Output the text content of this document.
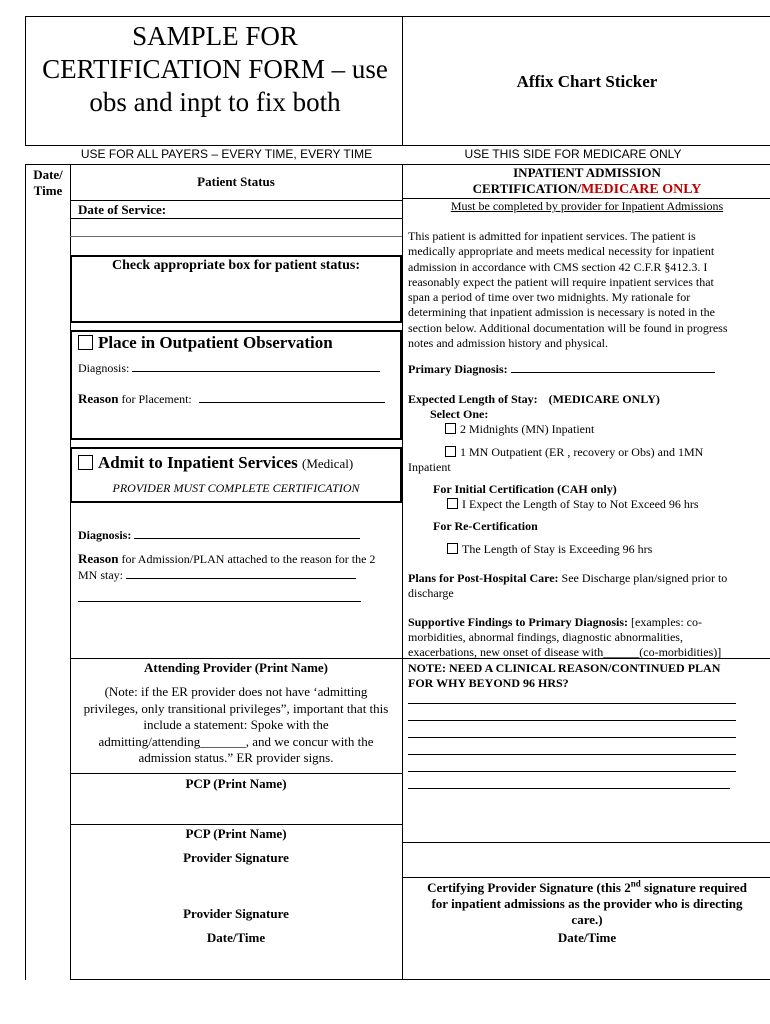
SAMPLE FOR CERTIFICATION FORM – use obs and inpt to fix both
Affix Chart Sticker
USE FOR ALL PAYERS – EVERY TIME, EVERY TIME	USE THIS SIDE FOR MEDICARE ONLY
Date/ Time
Patient Status
Date of Service:
Check appropriate box for patient status:
Place in Outpatient Observation
Diagnosis:
Reason for Placement:
Admit to Inpatient Services (Medical)
PROVIDER MUST COMPLETE CERTIFICATION
Diagnosis:
Reason for Admission/PLAN attached to the reason for the 2 MN stay:
Attending Provider (Print Name)
(Note: if the ER provider does not have ‘admitting privileges, only transitional privileges”, important that this include a statement: Spoke with the admitting/attending_______, and we concur with the admission status.” ER provider signs.
PCP (Print Name)
PCP (Print Name)
Provider Signature
Provider Signature
Date/Time
INPATIENT ADMISSION
CERTIFICATION/MEDICARE ONLY
Must be completed by provider for Inpatient Admissions
This patient is admitted for inpatient services. The patient is medically appropriate and meets medical necessity for inpatient admission in accordance with CMS section 42 C.F.R §412.3. I reasonably expect the patient will require inpatient services that span a period of time over two midnights. My rationale for determining that inpatient admission is necessary is noted in the section below. Additional documentation will be found in progress notes and admission history and physical.
Primary Diagnosis:
Expected Length of Stay: (MEDICARE ONLY)
Select One:
2 Midnights (MN) Inpatient
1 MN Outpatient (ER , recovery or Obs) and 1MN Inpatient
For Initial Certification (CAH only)
I Expect the Length of Stay to Not Exceed 96 hrs
For Re-Certification
The Length of Stay is Exceeding 96 hrs
Plans for Post-Hospital Care: See Discharge plan/signed prior to discharge
Supportive Findings to Primary Diagnosis: [examples: co-morbidities, abnormal findings, diagnostic abnormalities, exacerbations, new onset of disease with______(co-morbidities)]
NOTE: NEED A CLINICAL REASON/CONTINUED PLAN FOR WHY BEYOND 96 HRS?
Certifying Provider Signature (this 2nd signature required for inpatient admissions as the provider who is directing care.)
Date/Time
